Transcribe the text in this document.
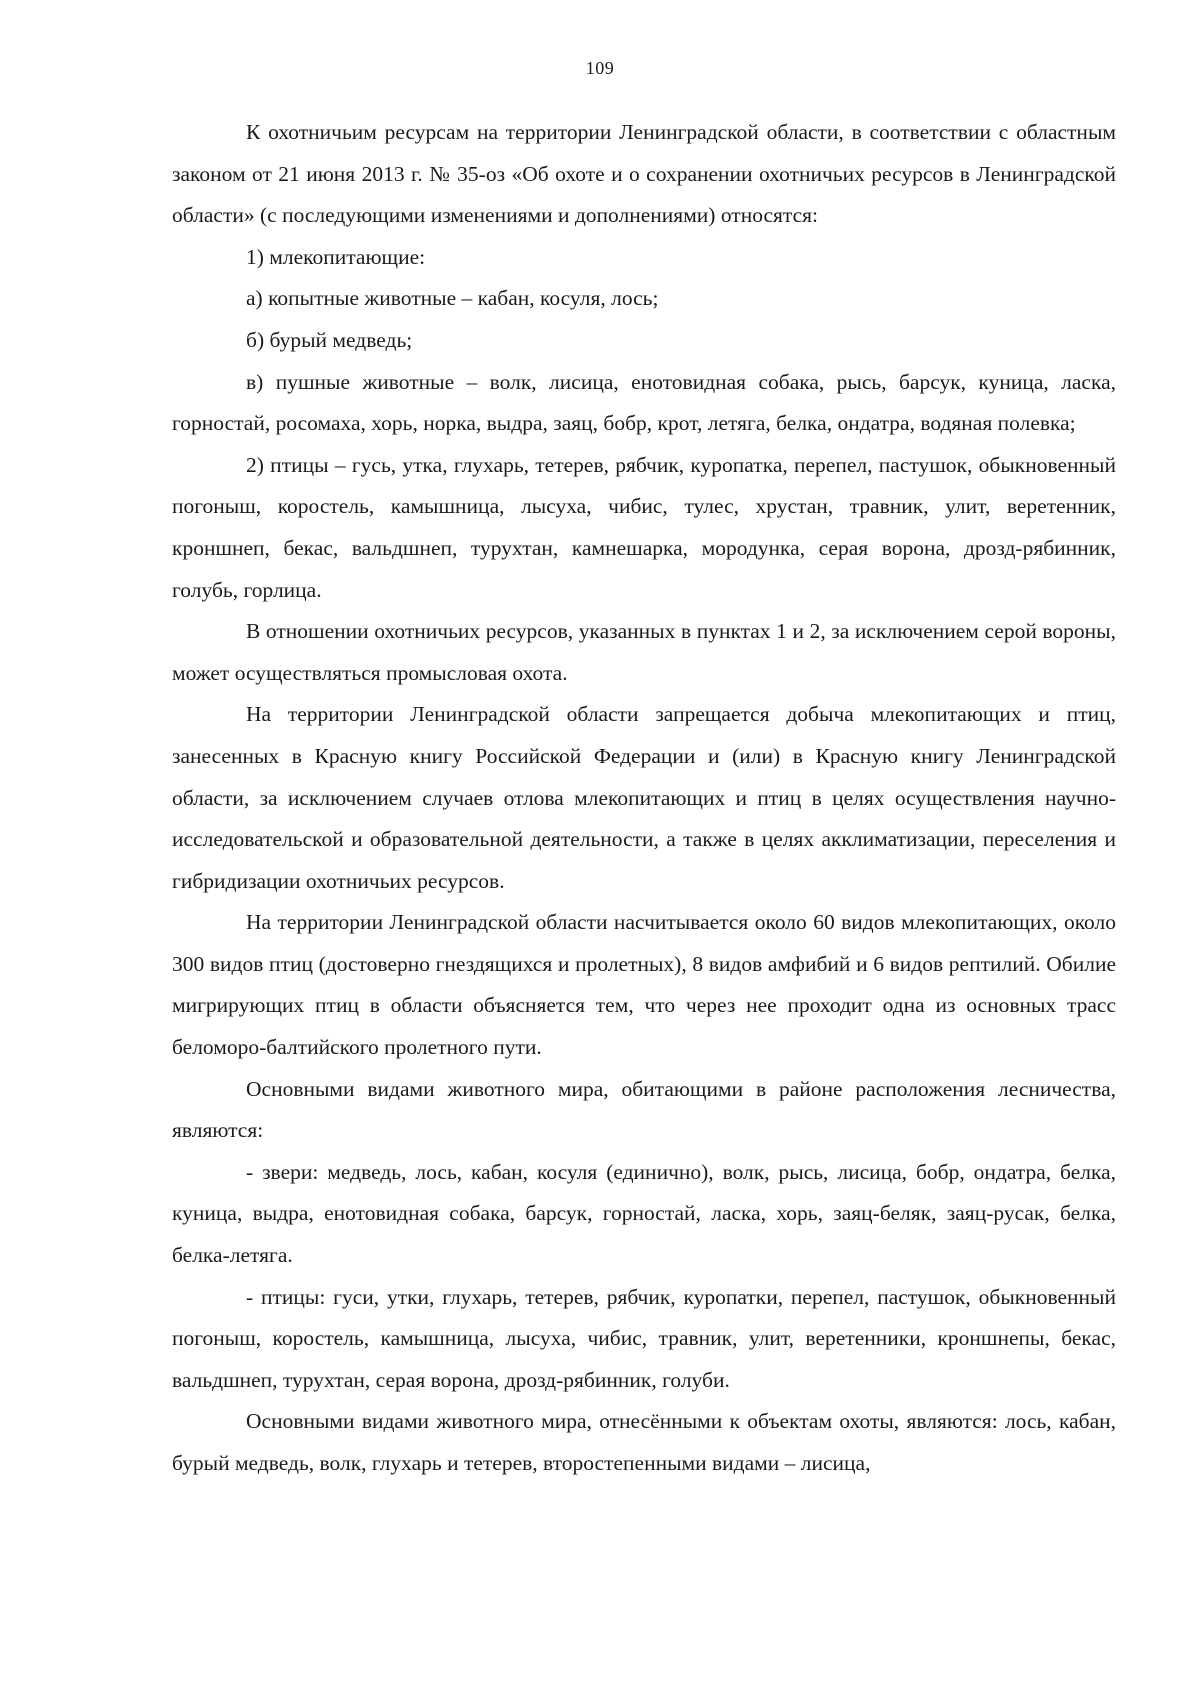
109

К охотничьим ресурсам на территории Ленинградской области, в соответствии с областным законом от 21 июня 2013 г. № 35-оз «Об охоте и о сохранении охотничьих ресурсов в Ленинградской области» (с последующими изменениями и дополнениями) относятся:

1) млекопитающие:

а) копытные животные – кабан, косуля, лось;

б) бурый медведь;

в) пушные животные – волк, лисица, енотовидная собака, рысь, барсук, куница, ласка, горностай, росомаха, хорь, норка, выдра, заяц, бобр, крот, летяга, белка, ондатра, водяная полевка;

2) птицы – гусь, утка, глухарь, тетерев, рябчик, куропатка, перепел, пастушок, обыкновенный погоныш, коростель, камышница, лысуха, чибис, тулес, хрустан, травник, улит, веретенник, кроншнеп, бекас, вальдшнеп, турухтан, камнешарка, мородунка, серая ворона, дрозд-рябинник, голубь, горлица.

В отношении охотничьих ресурсов, указанных в пунктах 1 и 2, за исключением серой вороны, может осуществляться промысловая охота.

На территории Ленинградской области запрещается добыча млекопитающих и птиц, занесенных в Красную книгу Российской Федерации и (или) в Красную книгу Ленинградской области, за исключением случаев отлова млекопитающих и птиц в целях осуществления научно-исследовательской и образовательной деятельности, а также в целях акклиматизации, переселения и гибридизации охотничьих ресурсов.

На территории Ленинградской области насчитывается около 60 видов млекопитающих, около 300 видов птиц (достоверно гнездящихся и пролетных), 8 видов амфибий и 6 видов рептилий. Обилие мигрирующих птиц в области объясняется тем, что через нее проходит одна из основных трасс беломоро-балтийского пролетного пути.

Основными видами животного мира, обитающими в районе расположения лесничества, являются:

- звери: медведь, лось, кабан, косуля (единично), волк, рысь, лисица, бобр, ондатра, белка, куница, выдра, енотовидная собака, барсук, горностай, ласка, хорь, заяц-беляк, заяц-русак, белка, белка-летяга.

- птицы: гуси, утки, глухарь, тетерев, рябчик, куропатки, перепел, пастушок, обыкновенный погоныш, коростель, камышница, лысуха, чибис, травник, улит, веретенники, кроншнепы, бекас, вальдшнеп, турухтан, серая ворона, дрозд-рябинник, голуби.

Основными видами животного мира, отнесёнными к объектам охоты, являются: лось, кабан, бурый медведь, волк, глухарь и тетерев, второстепенными видами – лисица,
